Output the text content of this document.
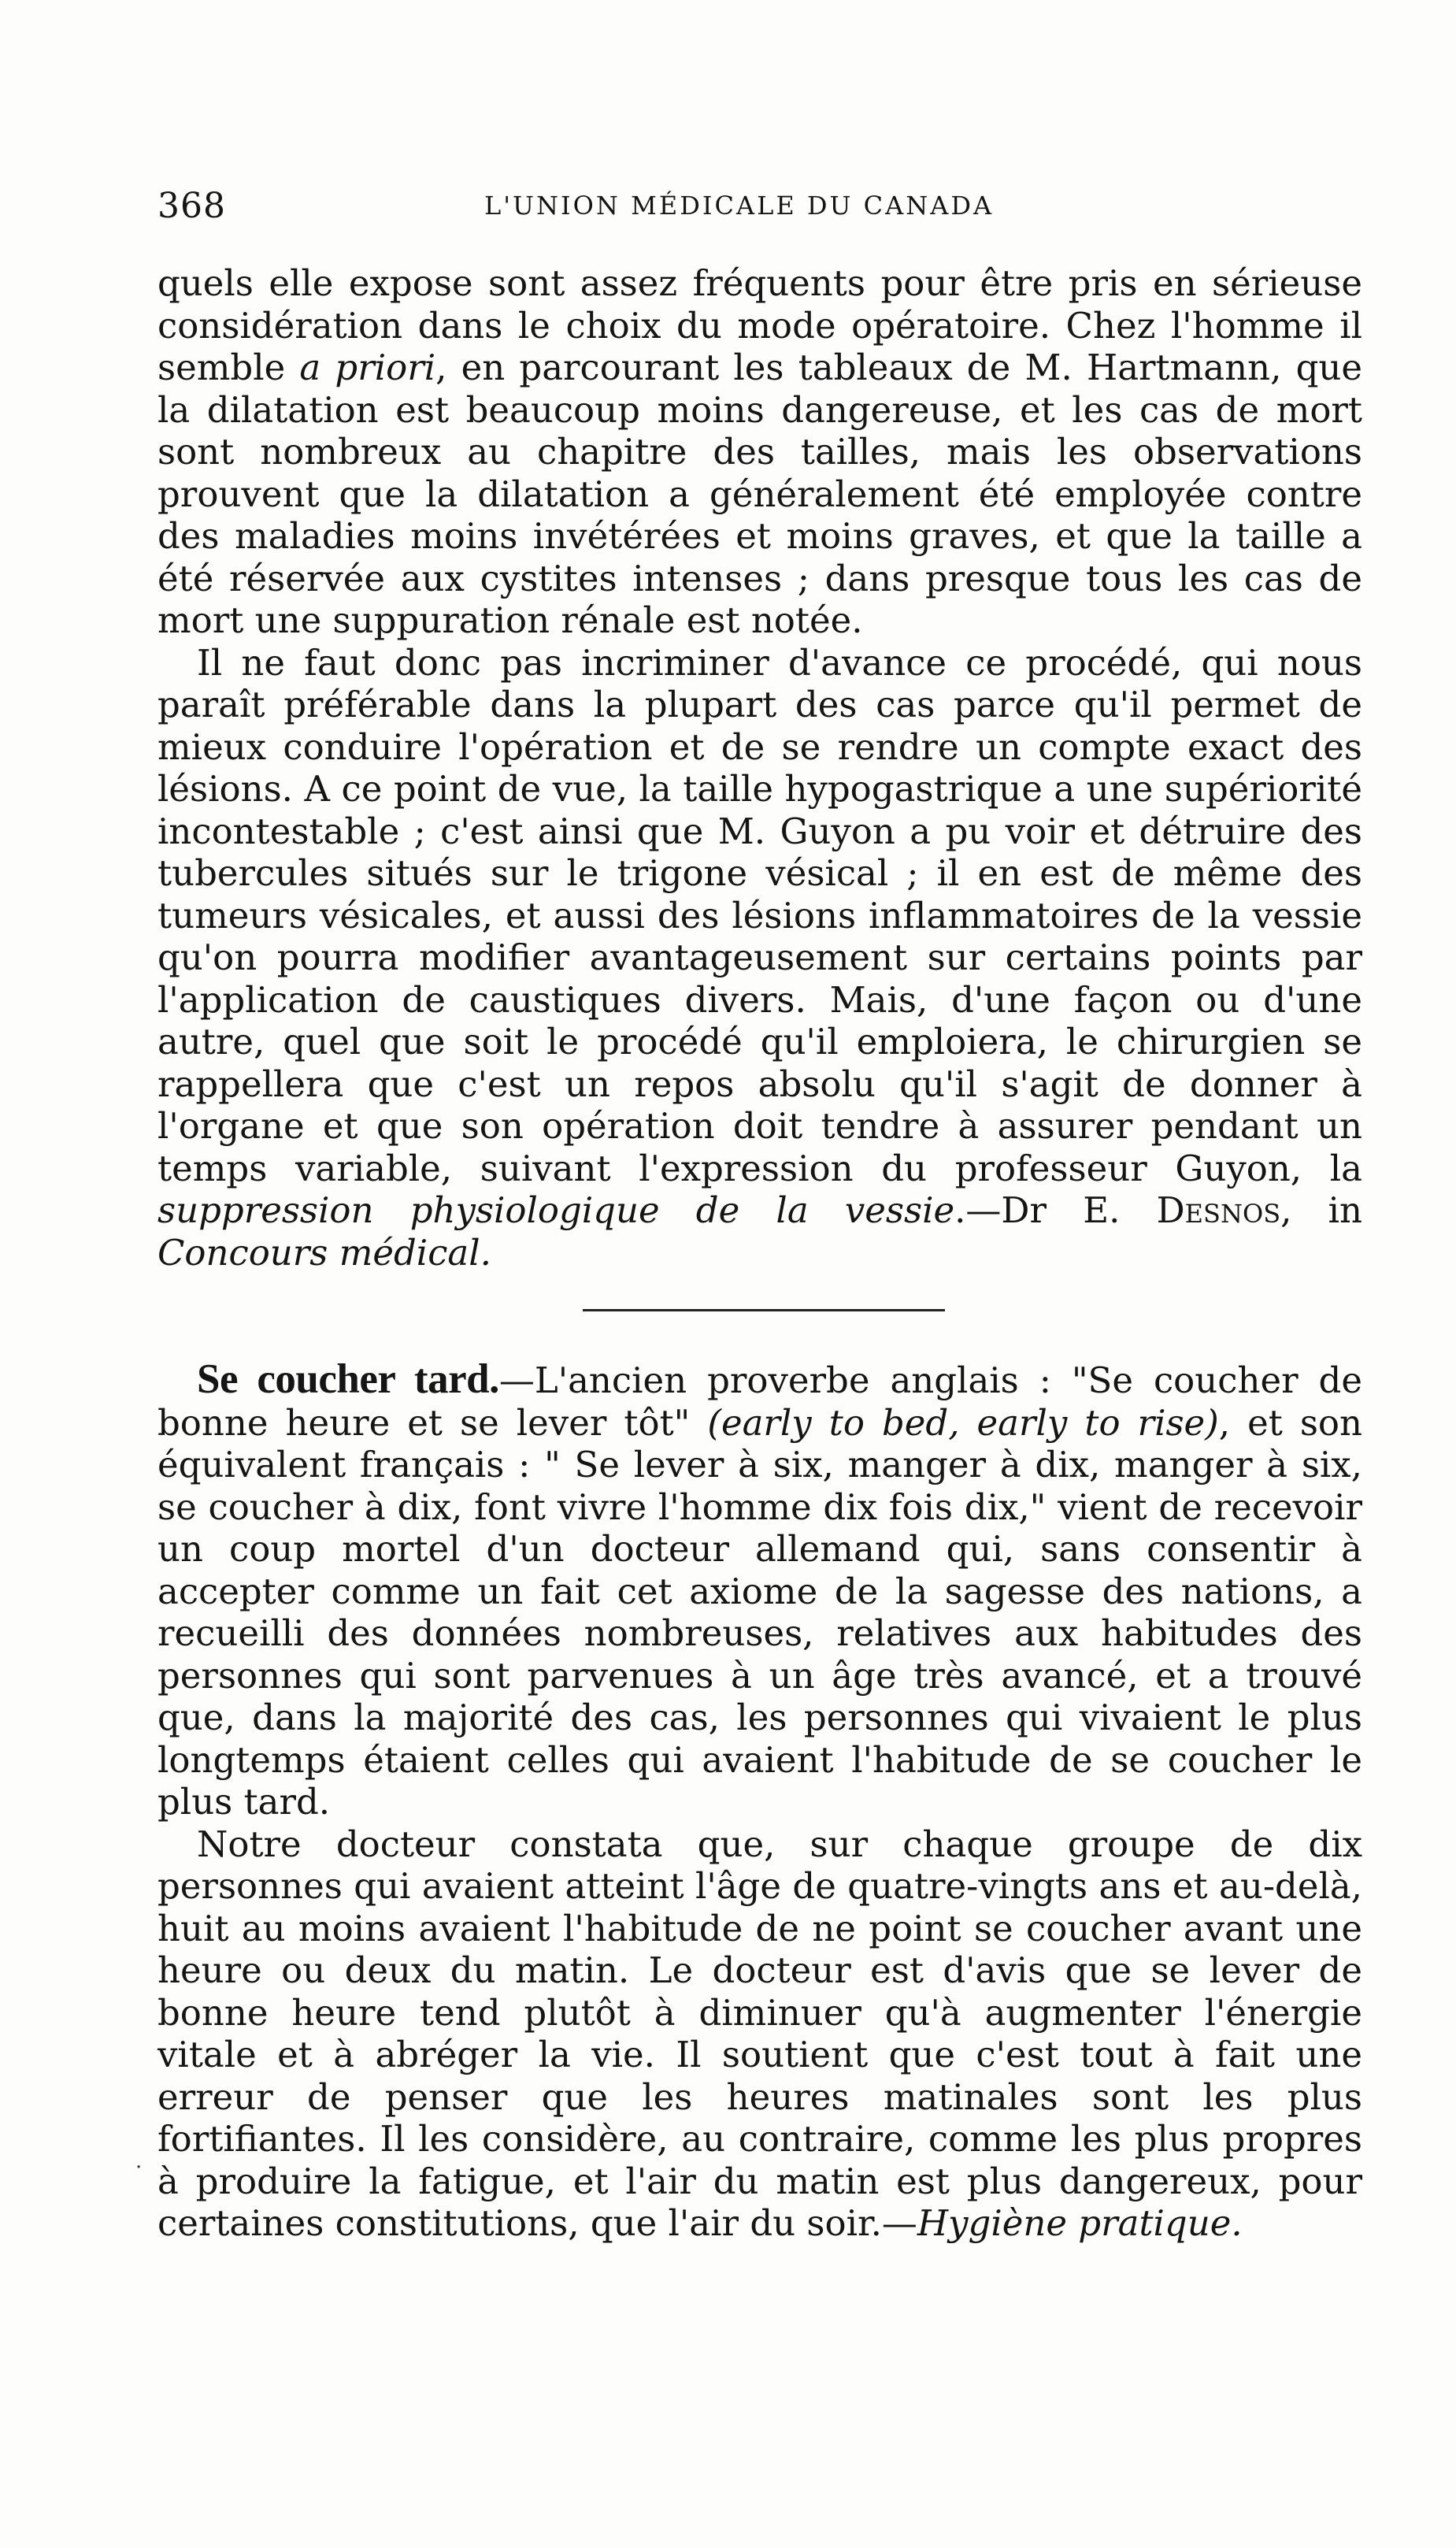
368	L'UNION MÉDICALE DU CANADA

quels elle expose sont assez fréquents pour être pris en sérieuse considération dans le choix du mode opératoire. Chez l'homme il semble a priori, en parcourant les tableaux de M. Hartmann, que la dilatation est beaucoup moins dangereuse, et les cas de mort sont nombreux au chapitre des tailles, mais les observations prouvent que la dilatation a généralement été employée contre des maladies moins invétérées et moins graves, et que la taille a été réservée aux cystites intenses ; dans presque tous les cas de mort une suppuration rénale est notée.

Il ne faut donc pas incriminer d'avance ce procédé, qui nous paraît préférable dans la plupart des cas parce qu'il permet de mieux conduire l'opération et de se rendre un compte exact des lésions. A ce point de vue, la taille hypogastrique a une supériorité incontestable ; c'est ainsi que M. Guyon a pu voir et détruire des tubercules situés sur le trigone vésical ; il en est de même des tumeurs vésicales, et aussi des lésions inflammatoires de la vessie qu'on pourra modifier avantageusement sur certains points par l'application de caustiques divers. Mais, d'une façon ou d'une autre, quel que soit le procédé qu'il emploiera, le chirurgien se rappellera que c'est un repos absolu qu'il s'agit de donner à l'organe et que son opération doit tendre à assurer pendant un temps variable, suivant l'expression du professeur Guyon, la suppression physiologique de la vessie.—Dr E. Desnos, in Concours médical.

Se coucher tard.—L'ancien proverbe anglais : "Se coucher de bonne heure et se lever tôt" (early to bed, early to rise), et son équivalent français : " Se lever à six, manger à dix, manger à six, se coucher à dix, font vivre l'homme dix fois dix," vient de recevoir un coup mortel d'un docteur allemand qui, sans consentir à accepter comme un fait cet axiome de la sagesse des nations, a recueilli des données nombreuses, relatives aux habitudes des personnes qui sont parvenues à un âge très avancé, et a trouvé que, dans la majorité des cas, les personnes qui vivaient le plus longtemps étaient celles qui avaient l'habitude de se coucher le plus tard.

Notre docteur constata que, sur chaque groupe de dix personnes qui avaient atteint l'âge de quatre-vingts ans et au-delà, huit au moins avaient l'habitude de ne point se coucher avant une heure ou deux du matin. Le docteur est d'avis que se lever de bonne heure tend plutôt à diminuer qu'à augmenter l'énergie vitale et à abréger la vie. Il soutient que c'est tout à fait une erreur de penser que les heures matinales sont les plus fortifiantes. Il les considère, au contraire, comme les plus propres à produire la fatigue, et l'air du matin est plus dangereux, pour certaines constitutions, que l'air du soir.—Hygiène pratique.

·
